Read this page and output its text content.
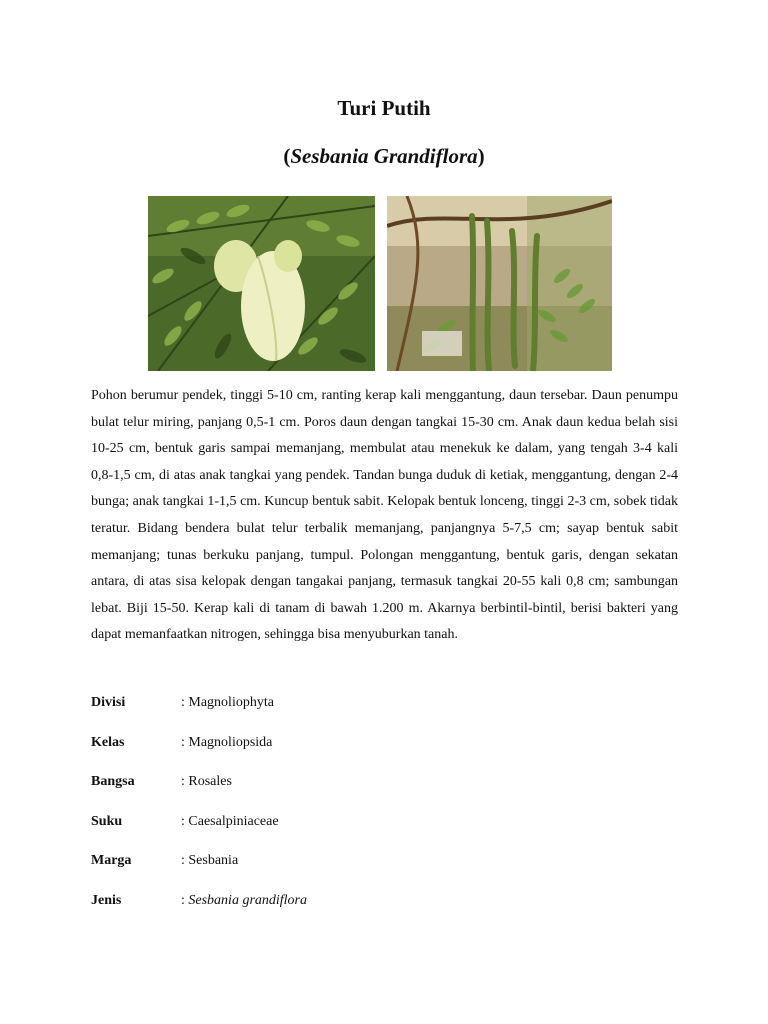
Turi Putih
(Sesbania Grandiflora)

Pohon berumur pendek, tinggi 5-10 cm, ranting kerap kali menggantung, daun tersebar. Daun penumpu bulat telur miring, panjang 0,5-1 cm. Poros daun dengan tangkai 15-30 cm. Anak daun kedua belah sisi 10-25 cm, bentuk garis sampai memanjang, membulat atau menekuk ke dalam, yang tengah 3-4 kali 0,8-1,5 cm, di atas anak tangkai yang pendek. Tandan bunga duduk di ketiak, menggantung, dengan 2-4 bunga; anak tangkai 1-1,5 cm. Kuncup bentuk sabit. Kelopak bentuk lonceng, tinggi 2-3 cm, sobek tidak teratur. Bidang bendera bulat telur terbalik memanjang, panjangnya 5-7,5 cm; sayap bentuk sabit memanjang; tunas berkuku panjang, tumpul. Polongan menggantung, bentuk garis, dengan sekatan antara, di atas sisa kelopak dengan tangakai panjang, termasuk tangkai 20-55 kali 0,8 cm; sambungan lebat. Biji 15-50. Kerap kali di tanam di bawah 1.200 m. Akarnya berbintil-bintil, berisi bakteri yang dapat memanfaatkan nitrogen, sehingga bisa menyuburkan tanah.

Divisi	: Magnoliophyta
Kelas	: Magnoliopsida
Bangsa	: Rosales
Suku	: Caesalpiniaceae
Marga	: Sesbania
Jenis	: Sesbania grandiflora
